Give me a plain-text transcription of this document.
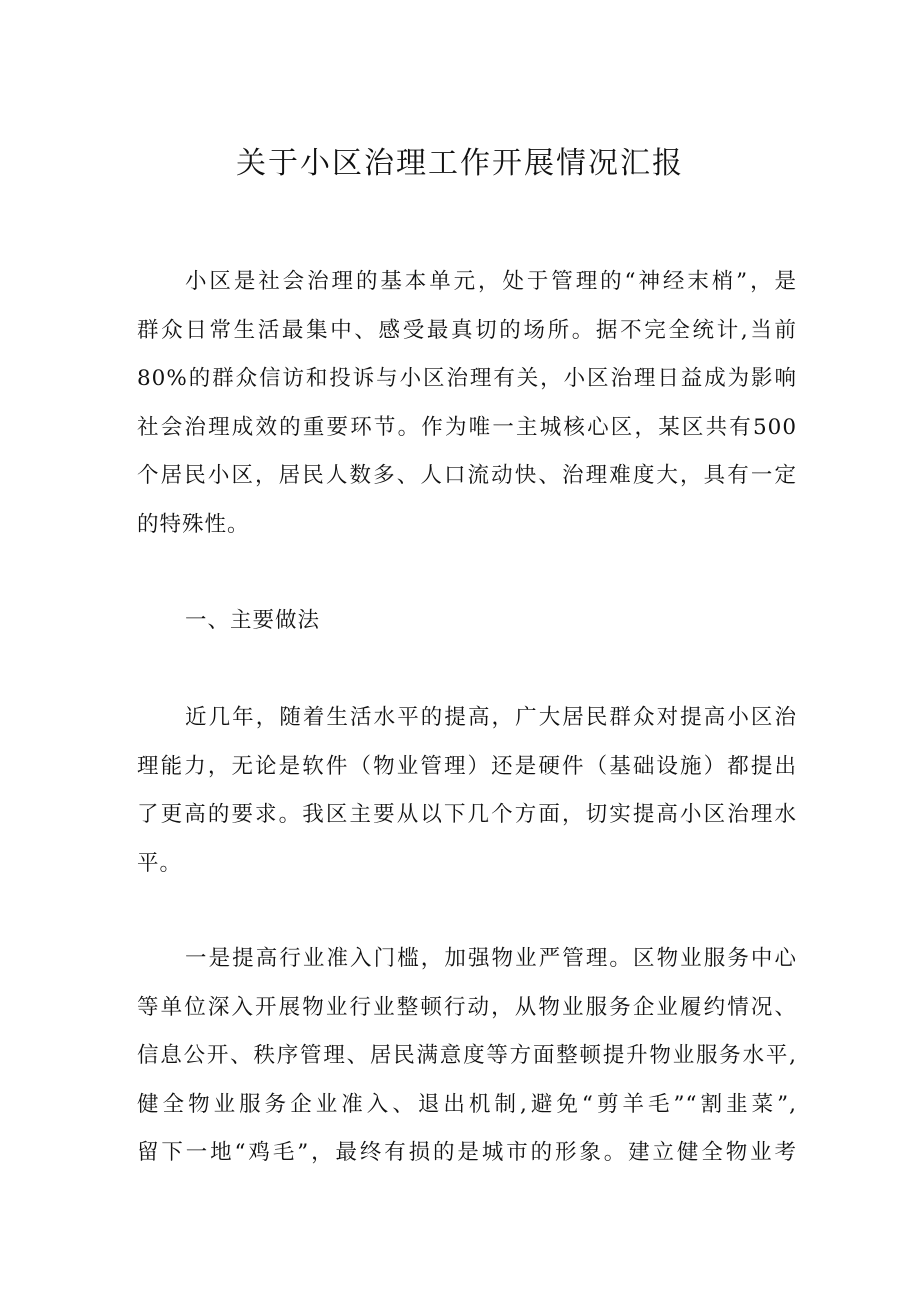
关于小区治理工作开展情况汇报
小区是社会治理的基本单元，处于管理的“神经末梢”，是
群众日常生活最集中、感受最真切的场所。据不完全统计,当前
80%的群众信访和投诉与小区治理有关，小区治理日益成为影响
社会治理成效的重要环节。作为唯一主城核心区，某区共有500
个居民小区，居民人数多、人口流动快、治理难度大，具有一定
的特殊性。
一、主要做法
近几年，随着生活水平的提高，广大居民群众对提高小区治
理能力，无论是软件（物业管理）还是硬件（基础设施）都提出
了更高的要求。我区主要从以下几个方面，切实提高小区治理水
平。
一是提高行业准入门槛，加强物业严管理。区物业服务中心
等单位深入开展物业行业整顿行动，从物业服务企业履约情况、
信息公开、秩序管理、居民满意度等方面整顿提升物业服务水平,
健全物业服务企业准入、退出机制,避免“剪羊毛”“割韭菜”,
留下一地“鸡毛”，最终有损的是城市的形象。建立健全物业考
